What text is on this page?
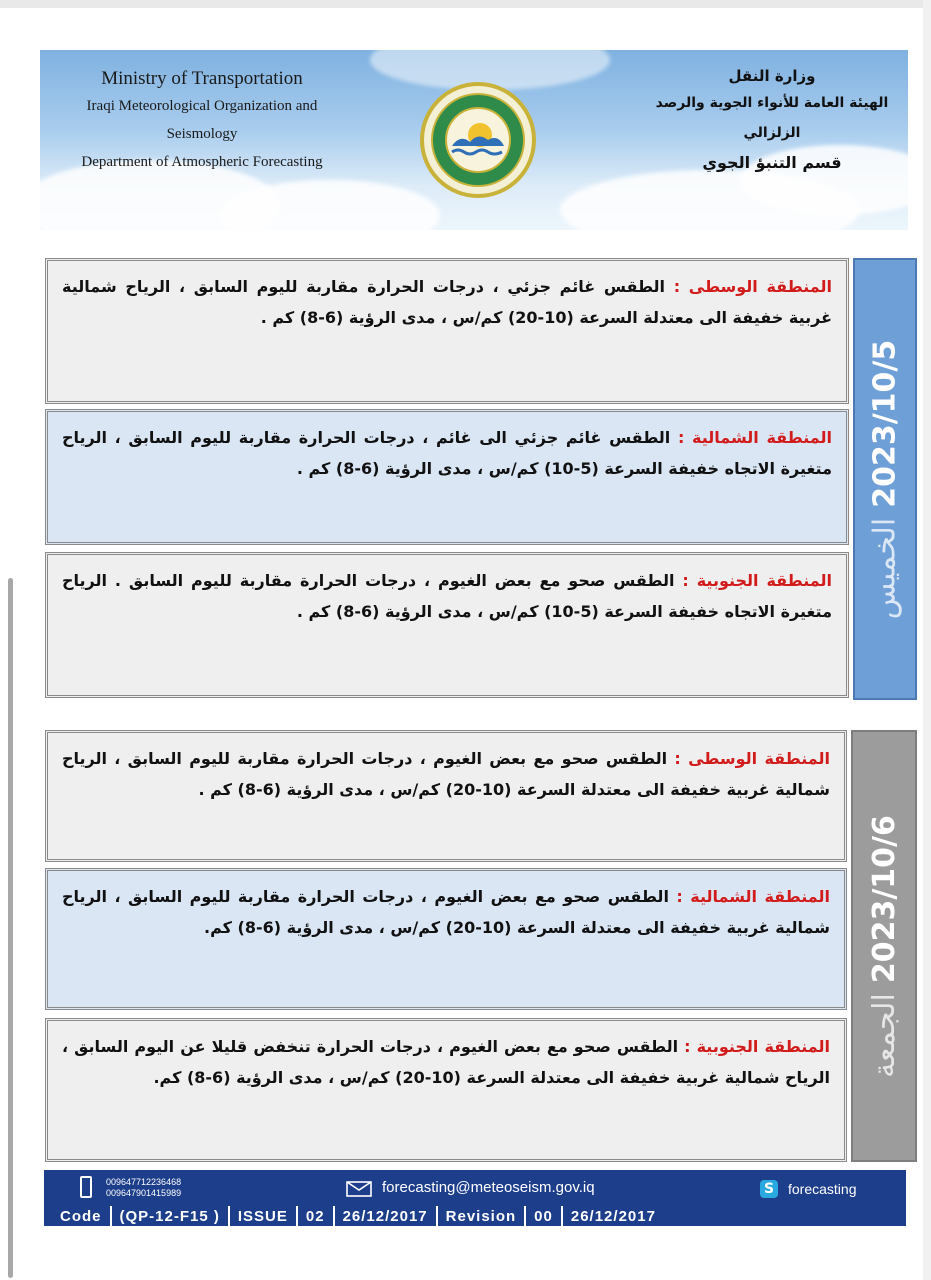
Ministry of Transportation
Iraqi Meteorological Organization and Seismology
Department of Atmospheric Forecasting
وزارة النقل
الهيئة العامة للأنواء الجوية والرصد الزلزالي
قسم التنبؤ الجوي
المنطقة الوسطى : الطقس غائم جزئي ، درجات الحرارة مقاربة لليوم السابق ، الرياح شمالية غربية خفيفة الى معتدلة السرعة (10-20) كم/س ، مدى الرؤية (6-8) كم .
المنطقة الشمالية : الطقس غائم جزئي الى غائم ، درجات الحرارة مقاربة لليوم السابق ، الرياح متغيرة الاتجاه خفيفة السرعة (5-10) كم/س ، مدى الرؤية (6-8) كم .
المنطقة الجنوبية : الطقس صحو مع بعض الغيوم ، درجات الحرارة مقاربة لليوم السابق . الرياح متغيرة الاتجاه خفيفة السرعة (5-10) كم/س ، مدى الرؤية (6-8) كم .
2023/10/5
الخميس
المنطقة الوسطى : الطقس صحو مع بعض الغيوم ، درجات الحرارة مقاربة لليوم السابق ، الرياح شمالية غربية خفيفة الى معتدلة السرعة (10-20) كم/س ، مدى الرؤية (6-8) كم .
المنطقة الشمالية : الطقس صحو مع بعض الغيوم ، درجات الحرارة مقاربة لليوم السابق ، الرياح شمالية غربية خفيفة الى معتدلة السرعة (10-20) كم/س ، مدى الرؤية (6-8) كم.
المنطقة الجنوبية : الطقس صحو مع بعض الغيوم ، درجات الحرارة تنخفض قليلا عن اليوم السابق ، الرياح شمالية غربية خفيفة الى معتدلة السرعة (10-20) كم/س ، مدى الرؤية (6-8) كم.
2023/10/6
الجمعة
009647712236468
009647901415989	forecasting@meteoseism.gov.iq	S forecasting
Code	(QP-12-F15 )	ISSUE	02	26/12/2017	Revision	00	26/12/2017
